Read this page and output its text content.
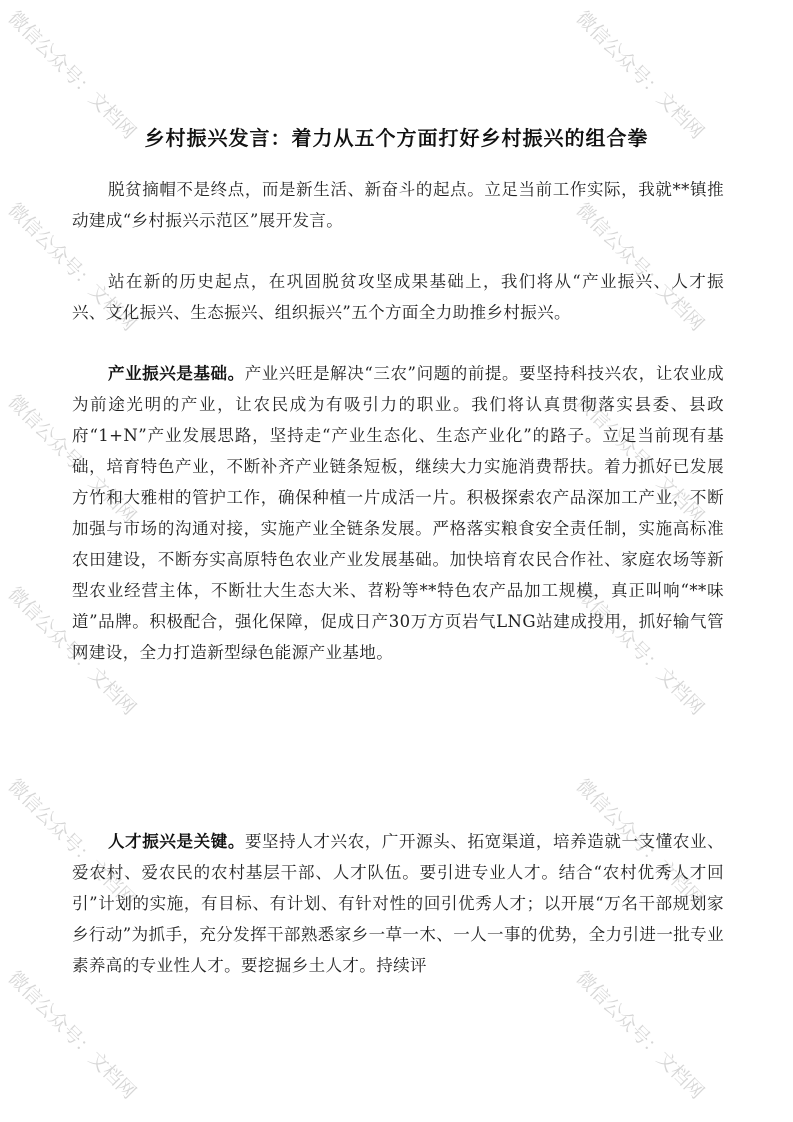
微信公众号：文档网	微信公众号：文档网
微信公众号：文档网	微信公众号：文档网
微信公众号：文档网	微信公众号：文档网
微信公众号：文档网	微信公众号：文档网
微信公众号：文档网	微信公众号：文档网
微信公众号：文档网	微信公众号：文档网
乡村振兴发言：着力从五个方面打好乡村振兴的组合拳

脱贫摘帽不是终点，而是新生活、新奋斗的起点。立足当前工作实际，我就**镇推动建成“乡村振兴示范区”展开发言。

站在新的历史起点，在巩固脱贫攻坚成果基础上，我们将从“产业振兴、人才振兴、文化振兴、生态振兴、组织振兴”五个方面全力助推乡村振兴。

产业振兴是基础。产业兴旺是解决“三农”问题的前提。要坚持科技兴农，让农业成为前途光明的产业，让农民成为有吸引力的职业。我们将认真贯彻落实县委、县政府“1+N”产业发展思路，坚持走“产业生态化、生态产业化”的路子。立足当前现有基础，培育特色产业，不断补齐产业链条短板，继续大力实施消费帮扶。着力抓好已发展方竹和大雅柑的管护工作，确保种植一片成活一片。积极探索农产品深加工产业，不断加强与市场的沟通对接，实施产业全链条发展。严格落实粮食安全责任制，实施高标准农田建设，不断夯实高原特色农业产业发展基础。加快培育农民合作社、家庭农场等新型农业经营主体，不断壮大生态大米、苕粉等**特色农产品加工规模，真正叫响“**味道”品牌。积极配合，强化保障，促成日产30万方页岩气LNG站建成投用，抓好输气管网建设，全力打造新型绿色能源产业基地。

人才振兴是关键。要坚持人才兴农，广开源头、拓宽渠道，培养造就一支懂农业、爱农村、爱农民的农村基层干部、人才队伍。要引进专业人才。结合“农村优秀人才回引”计划的实施，有目标、有计划、有针对性的回引优秀人才；以开展“万名干部规划家乡行动”为抓手，充分发挥干部熟悉家乡一草一木、一人一事的优势，全力引进一批专业素养高的专业性人才。要挖掘乡土人才。持续评
